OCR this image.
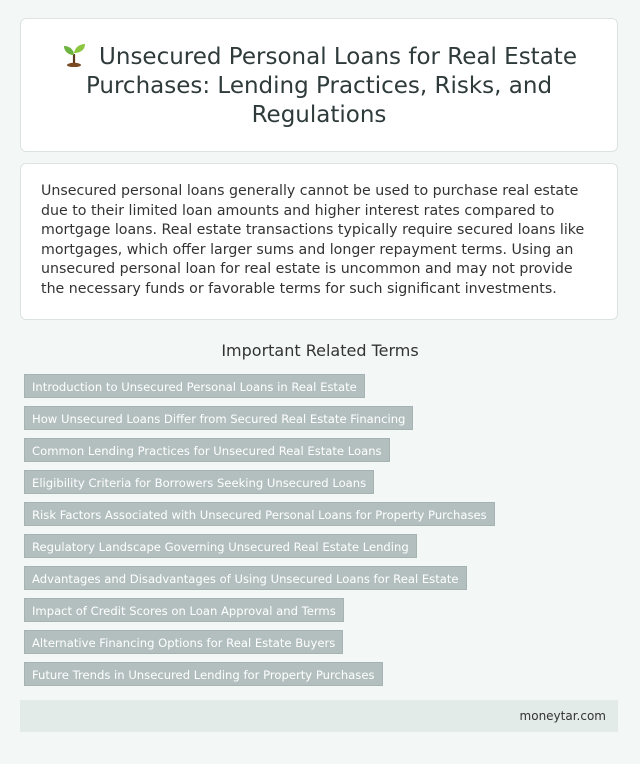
Unsecured Personal Loans for Real Estate Purchases: Lending Practices, Risks, and Regulations

Unsecured personal loans generally cannot be used to purchase real estate due to their limited loan amounts and higher interest rates compared to mortgage loans. Real estate transactions typically require secured loans like mortgages, which offer larger sums and longer repayment terms. Using an unsecured personal loan for real estate is uncommon and may not provide the necessary funds or favorable terms for such significant investments.

Important Related Terms
Introduction to Unsecured Personal Loans in Real Estate
How Unsecured Loans Differ from Secured Real Estate Financing
Common Lending Practices for Unsecured Real Estate Loans
Eligibility Criteria for Borrowers Seeking Unsecured Loans
Risk Factors Associated with Unsecured Personal Loans for Property Purchases
Regulatory Landscape Governing Unsecured Real Estate Lending
Advantages and Disadvantages of Using Unsecured Loans for Real Estate
Impact of Credit Scores on Loan Approval and Terms
Alternative Financing Options for Real Estate Buyers
Future Trends in Unsecured Lending for Property Purchases
moneytar.com
